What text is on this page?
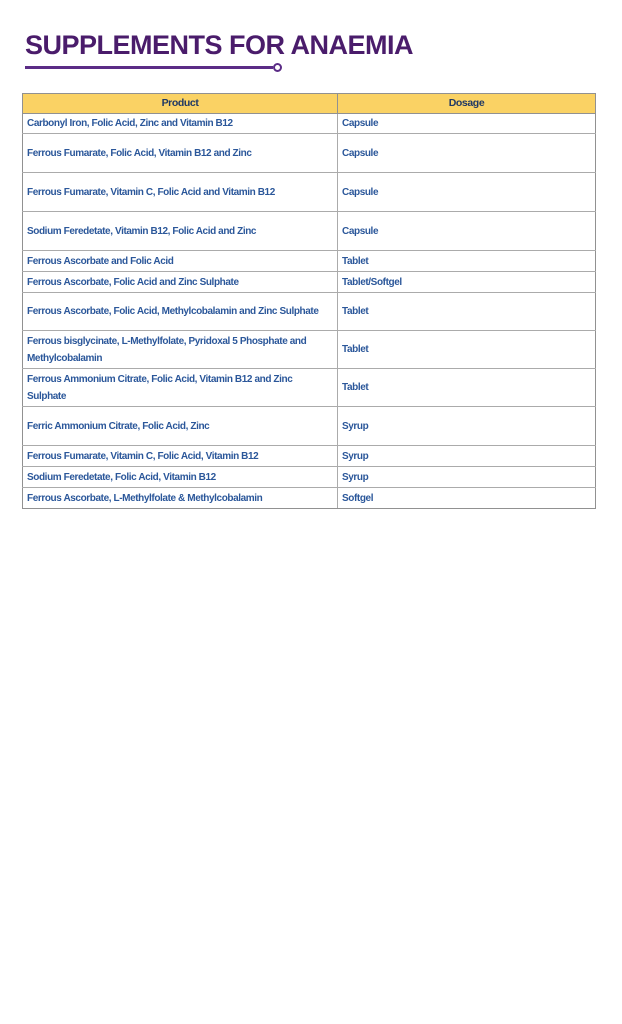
SUPPLEMENTS FOR ANAEMIA
Product	Dosage
Carbonyl Iron, Folic Acid, Zinc and Vitamin B12	Capsule
Ferrous Fumarate, Folic Acid, Vitamin B12 and Zinc	Capsule
Ferrous Fumarate, Vitamin C, Folic Acid and Vitamin B12	Capsule
Sodium Feredetate, Vitamin B12, Folic Acid and Zinc	Capsule
Ferrous Ascorbate and Folic Acid	Tablet
Ferrous Ascorbate, Folic Acid and Zinc Sulphate	Tablet/Softgel
Ferrous Ascorbate, Folic Acid, Methylcobalamin and Zinc Sulphate	Tablet
Ferrous bisglycinate, L-Methylfolate, Pyridoxal 5 Phosphate and Methylcobalamin	Tablet
Ferrous Ammonium Citrate, Folic Acid, Vitamin B12 and Zinc Sulphate	Tablet
Ferric Ammonium Citrate, Folic Acid, Zinc	Syrup
Ferrous Fumarate, Vitamin C, Folic Acid, Vitamin B12	Syrup
Sodium Feredetate, Folic Acid, Vitamin B12	Syrup
Ferrous Ascorbate, L-Methylfolate & Methylcobalamin	Softgel
